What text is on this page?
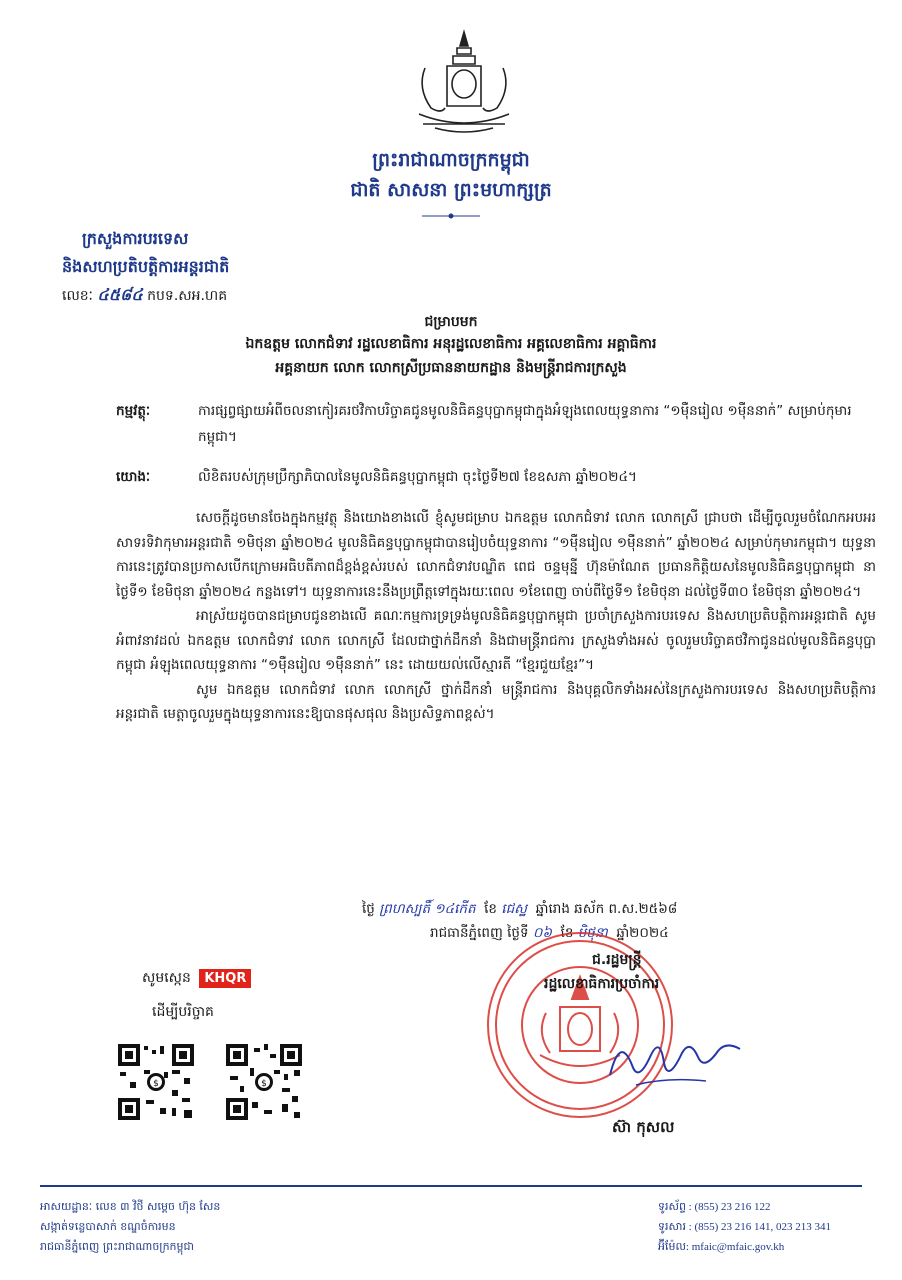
ព្រះរាជាណាចក្រកម្ពុជា
ជាតិ សាសនា ព្រះមហាក្សត្រ
ក្រសួងការបរទេស
និងសហប្រតិបត្តិការអន្តរជាតិ
លេខៈ ៤៥៨៤ កបទ.សអ.ហគ
ជម្រាបមក
ឯកឧត្តម លោកជំទាវ រដ្ឋលេខាធិការ អនុរដ្ឋលេខាធិការ អគ្គលេខាធិការ អគ្គាធិការ
អគ្គនាយក លោក លោកស្រីប្រធាននាយកដ្ឋាន និងមន្ត្រីរាជការក្រសួង
កម្មវត្ថុៈ	ការផ្សព្វផ្សាយអំពីចលនាកៀរគរថវិកាបរិច្ចាគជូនមូលនិធិគន្ធបុប្ផាកម្ពុជាក្នុងអំឡុងពេលយុទ្ធនាការ “១ម៉ឺនរៀល ១ម៉ឺននាក់” សម្រាប់កុមារកម្ពុជា។
យោងៈ	លិខិតរបស់ក្រុមប្រឹក្សាភិបាលនៃមូលនិធិគន្ធបុប្ផាកម្ពុជា ចុះថ្ងៃទី២៧ ខែឧសភា ឆ្នាំ២០២៤។

សេចក្តីដូចមានចែងក្នុងកម្មវត្ថុ និងយោងខាងលើ ខ្ញុំសូមជម្រាប ឯកឧត្តម លោកជំទាវ លោក លោកស្រី ជ្រាបថា ដើម្បីចូលរួមចំណែកអបអរសាទរទិវាកុមារអន្តរជាតិ ១មិថុនា ឆ្នាំ២០២៤ មូលនិធិគន្ធបុប្ផាកម្ពុជាបានរៀបចំយុទ្ធនាការ “១ម៉ឺនរៀល ១ម៉ឺននាក់” ឆ្នាំ២០២៤ សម្រាប់កុមារកម្ពុជា។ យុទ្ធនាការនេះត្រូវបានប្រកាសបើកក្រោមអធិបតីភាពដ៏ខ្ពង់ខ្ពស់របស់ លោកជំទាវបណ្ឌិត ពេជ ចន្ទមុន្នី ហ៊ុនម៉ាណែត ប្រធានកិត្តិយសនៃមូលនិធិគន្ធបុប្ផាកម្ពុជា នាថ្ងៃទី១ ខែមិថុនា ឆ្នាំ២០២៤ កន្លងទៅ។ យុទ្ធនាការនេះនឹងប្រព្រឹត្តទៅក្នុងរយៈពេល ១ខែពេញ ចាប់ពីថ្ងៃទី១ ខែមិថុនា ដល់ថ្ងៃទី៣០ ខែមិថុនា ឆ្នាំ២០២៤។

អាស្រ័យដូចបានជម្រាបជូនខាងលើ គណៈកម្មការទ្រទ្រង់មូលនិធិគន្ធបុប្ផាកម្ពុជា ប្រចាំក្រសួងការបរទេស និងសហប្រតិបត្តិការអន្តរជាតិ សូមអំពាវនាវដល់ ឯកឧត្តម លោកជំទាវ លោក លោកស្រី ដែលជាថ្នាក់ដឹកនាំ និងជាមន្ត្រីរាជការ ក្រសួងទាំងអស់ ចូលរួមបរិច្ចាគថវិកាជូនដល់មូលនិធិគន្ធបុប្ផាកម្ពុជា អំឡុងពេលយុទ្ធនាការ “១ម៉ឺនរៀល ១ម៉ឺននាក់” នេះ ដោយយល់លើស្មារតី “ខ្មែរជួយខ្មែរ”។

សូម ឯកឧត្តម លោកជំទាវ លោក លោកស្រី ថ្នាក់ដឹកនាំ មន្ត្រីរាជការ និងបុគ្គលិកទាំងអស់នៃក្រសួងការបរទេស និងសហប្រតិបត្តិការអន្តរជាតិ មេត្តាចូលរួមក្នុងយុទ្ធនាការនេះឱ្យបានផុសផុល និងប្រសិទ្ធភាពខ្ពស់។

ថ្ងៃ ព្រហស្បតិ៍ ១៤កើត ខែ ជេស្ឋ ឆ្នាំរោង ឆស័ក ព.ស.២៥៦៨
រាជធានីភ្នំពេញ ថ្ងៃទី ០៦ ខែ មិថុនា ឆ្នាំ២០២៤
ជ.រដ្ឋមន្ត្រី
រដ្ឋលេខាធិការប្រចាំការ
ស៊ា កុសល
សូមស្កេន KHQR
ដើម្បីបរិច្ចាគ
$	$
អាសយដ្ឋានៈ លេខ ៣ វិថី សម្តេច ហ៊ុន សែន
សង្កាត់ទន្លេបាសាក់ ខណ្ឌចំការមន
រាជធានីភ្នំពេញ ព្រះរាជាណាចក្រកម្ពុជា
ទូរស័ព្ទ : (855) 23 216 122
ទូរសារ : (855) 23 216 141, 023 213 341
អ៊ីម៉ែល: mfaic@mfaic.gov.kh
